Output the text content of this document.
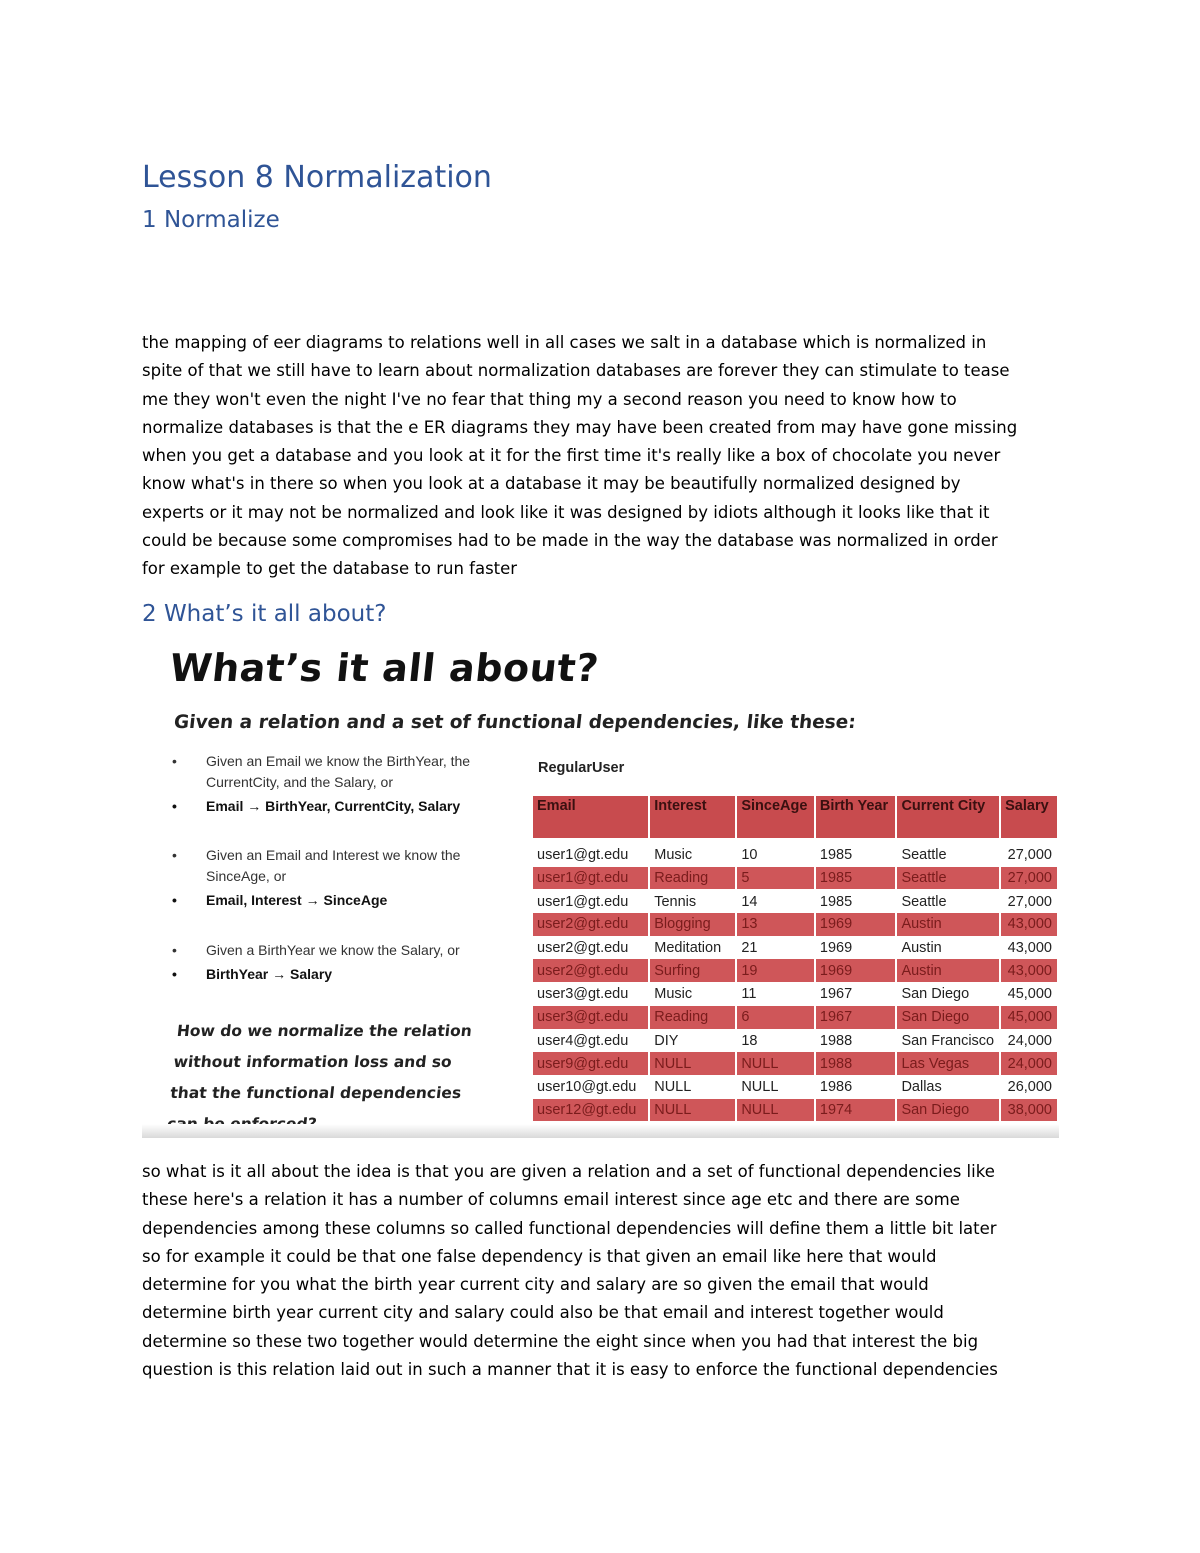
Lesson 8 Normalization
1 Normalize
the mapping of eer diagrams to relations well in all cases we salt in a database which is normalized in
spite of that we still have to learn about normalization databases are forever they can stimulate to tease
me they won't even the night I've no fear that thing my a second reason you need to know how to
normalize databases is that the e ER diagrams they may have been created from may have gone missing
when you get a database and you look at it for the first time it's really like a box of chocolate you never
know what's in there so when you look at a database it may be beautifully normalized designed by
experts or it may not be normalized and look like it was designed by idiots although it looks like that it
could be because some compromises had to be made in the way the database was normalized in order
for example to get the database to run faster
2 What’s it all about?
What’s it all about?
Given a relation and a set of functional dependencies, like these:
• Given an Email we know the BirthYear, the
CurrentCity, and the Salary, or
• Email → BirthYear, CurrentCity, Salary
• Given an Email and Interest we know the
SinceAge, or
• Email, Interest → SinceAge
• Given a BirthYear we know the Salary, or
• BirthYear → Salary
How do we normalize the relation
without information loss and so
that the functional dependencies
RegularUser
Email	Interest	SinceAge	Birth Year	Current City	Salary
user1@gt.edu	Music	10	1985	Seattle	27,000
user1@gt.edu	Reading	5	1985	Seattle	27,000
user1@gt.edu	Tennis	14	1985	Seattle	27,000
user2@gt.edu	Blogging	13	1969	Austin	43,000
user2@gt.edu	Meditation	21	1969	Austin	43,000
user2@gt.edu	Surfing	19	1969	Austin	43,000
user3@gt.edu	Music	11	1967	San Diego	45,000
user3@gt.edu	Reading	6	1967	San Diego	45,000
user4@gt.edu	DIY	18	1988	San Francisco	24,000
user9@gt.edu	NULL	NULL	1988	Las Vegas	24,000
user10@gt.edu	NULL	NULL	1986	Dallas	26,000
user12@gt.edu	NULL	NULL	1974	San Diego	38,000
so what is it all about the idea is that you are given a relation and a set of functional dependencies like
these here's a relation it has a number of columns email interest since age etc and there are some
dependencies among these columns so called functional dependencies will define them a little bit later
so for example it could be that one false dependency is that given an email like here that would
determine for you what the birth year current city and salary are so given the email that would
determine birth year current city and salary could also be that email and interest together would
determine so these two together would determine the eight since when you had that interest the big
question is this relation laid out in such a manner that it is easy to enforce the functional dependencies
